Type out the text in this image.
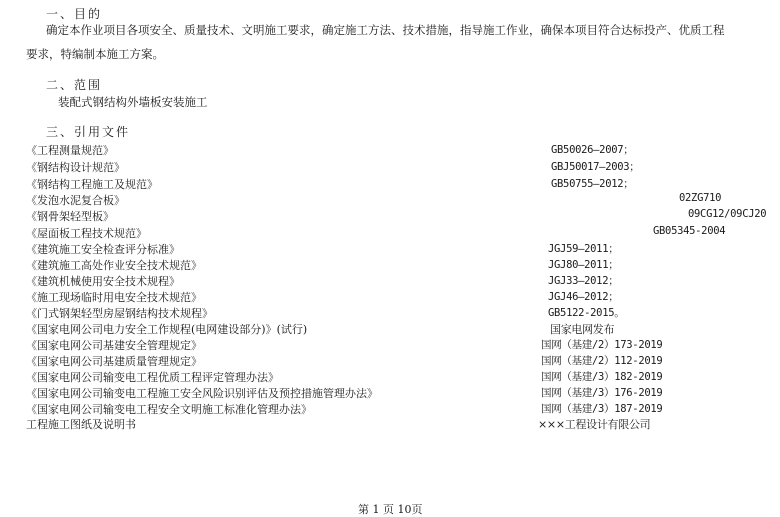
一、目的
确定本作业项目各项安全、质量技术、文明施工要求，确定施工方法、技术措施，指导施工作业，确保本项目符合达标投产、优质工程
要求，特编制本施工方案。
二、范围
装配式钢结构外墙板安装施工
三、引用文件
《工程测量规范》	GB50026—2007；
《钢结构设计规范》	GBJ50017—2003；
《钢结构工程施工及规范》	GB50755—2012；
《发泡水泥复合板》	02ZG710
《钢骨架轻型板》	09CG12/09CJ20
《屋面板工程技术规范》	GB05345-2004
《建筑施工安全检查评分标准》	JGJ59—2011；
《建筑施工高处作业安全技术规范》	JGJ80—2011；
《建筑机械使用安全技术规程》	JGJ33—2012；
《施工现场临时用电安全技术规范》	JGJ46—2012；
《门式钢架轻型房屋钢结构技术规程》	GB5122-2015。
《国家电网公司电力安全工作规程(电网建设部分)》(试行)	国家电网发布
《国家电网公司基建安全管理规定》	国网（基建/2）173-2019
《国家电网公司基建质量管理规定》	国网（基建/2）112-2019
《国家电网公司输变电工程优质工程评定管理办法》	国网（基建/3）182-2019
《国家电网公司输变电工程施工安全风险识别评估及预控措施管理办法》	国网（基建/3）176-2019
《国家电网公司输变电工程安全文明施工标准化管理办法》	国网（基建/3）187-2019
工程施工图纸及说明书	×××工程设计有限公司
第 1 页 10页
